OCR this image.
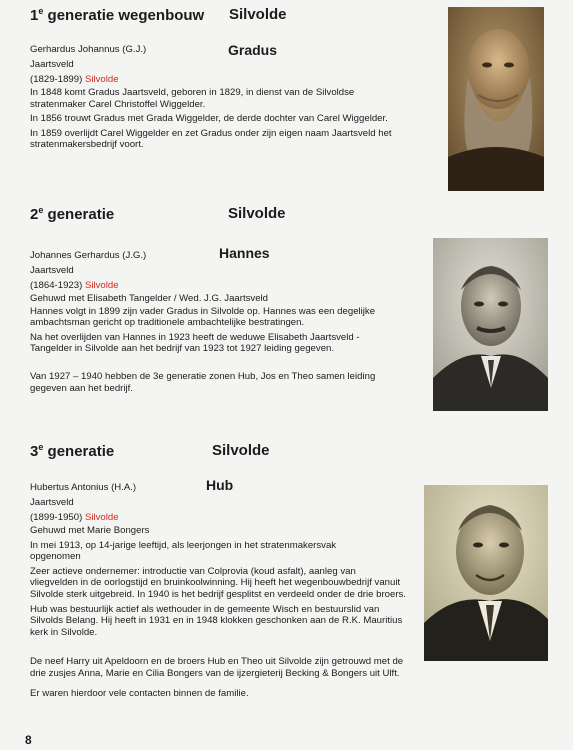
1e generatie wegenbouw Silvolde
Gerhardus Johannus (G.J.)	Gradus
Jaartsveld
(1829-1899) Silvolde
In 1848 komt Gradus Jaartsveld, geboren in 1829, in dienst van de Silvoldse stratenmaker Carel Christoffel Wiggelder.
In 1856 trouwt Gradus met Grada Wiggelder, de derde dochter van Carel Wiggelder.
In 1859 overlijdt Carel Wiggelder en zet Gradus onder zijn eigen naam Jaartsveld het stratenmakersbedrijf voort.
2e generatie	Silvolde
Johannes Gerhardus (J.G.)	Hannes
Jaartsveld
(1864-1923) Silvolde
Gehuwd met Elisabeth Tangelder / Wed. J.G. Jaartsveld
Hannes volgt in 1899 zijn vader Gradus in Silvolde op. Hannes was een degelijke ambachtsman gericht op traditionele ambachtelijke bestratingen.
Na het overlijden van Hannes in 1923 heeft de weduwe Elisabeth Jaartsveld - Tangelder in Silvolde aan het bedrijf van 1923 tot 1927 leiding gegeven.
Van 1927 – 1940 hebben de 3e generatie zonen Hub, Jos en Theo samen leiding gegeven aan het bedrijf.
3e generatie	Silvolde
Hubertus Antonius (H.A.)	Hub
Jaartsveld
(1899-1950) Silvolde
Gehuwd met Marie Bongers
In mei 1913, op 14-jarige leeftijd, als leerjongen in het stratenmakersvak opgenomen
Zeer actieve ondernemer: introductie van Colprovia (koud asfalt), aanleg van vliegvelden in de oorlogstijd en bruinkoolwinning. Hij heeft het wegenbouwbedrijf vanuit Silvolde sterk uitgebreid. In 1940 is het bedrijf gesplitst en verdeeld onder de drie broers.
Hub was bestuurlijk actief als wethouder in de gemeente Wisch en bestuurslid van Silvolds Belang. Hij heeft in 1931 en in 1948 klokken geschonken aan de R.K. Mauritius kerk in Silvolde.
De neef Harry uit Apeldoorn en de broers Hub en Theo uit Silvolde zijn getrouwd met de drie zusjes Anna, Marie en Cilia Bongers van de ijzergieterij Becking & Bongers uit Ulft.
Er waren hierdoor vele contacten binnen de familie.
8
